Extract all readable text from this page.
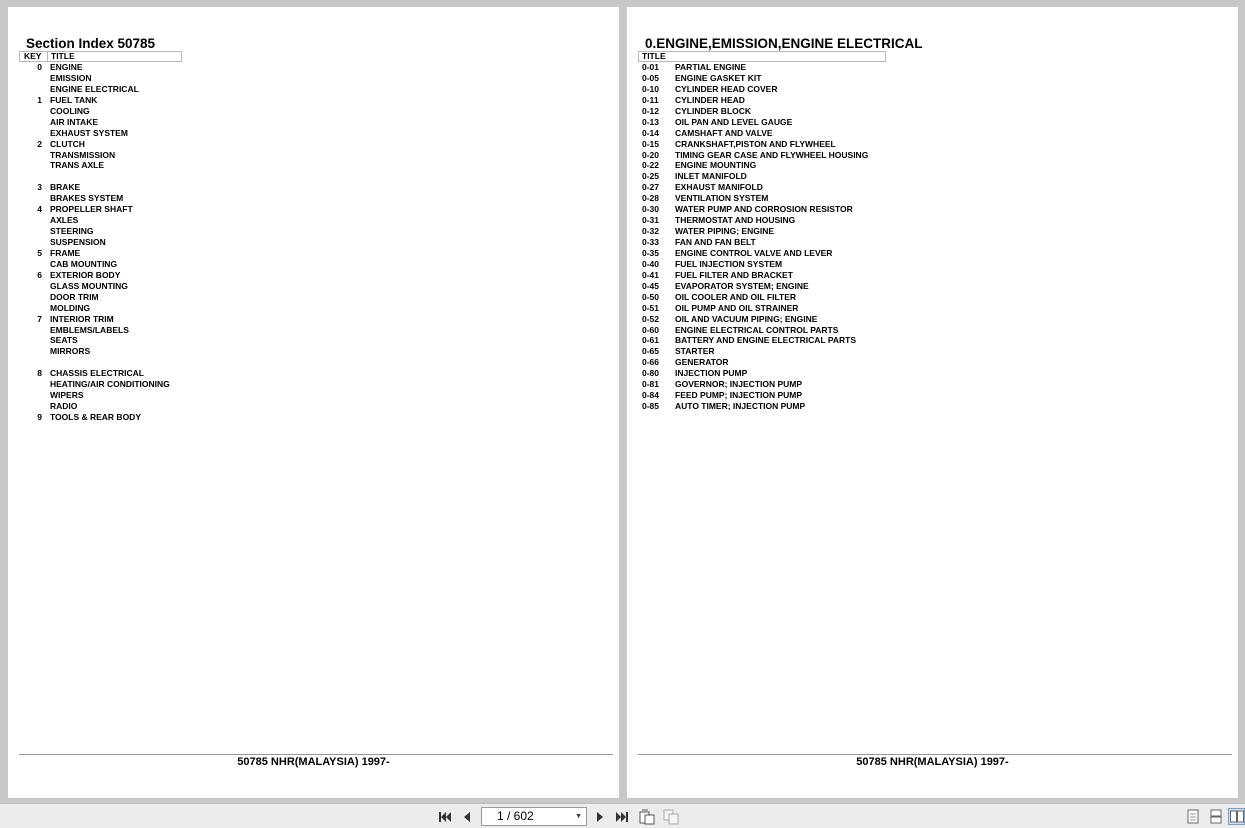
Section Index 50785
KEY TITLE
0 ENGINE
EMISSION
ENGINE ELECTRICAL
1 FUEL TANK
COOLING
AIR INTAKE
EXHAUST SYSTEM
2 CLUTCH
TRANSMISSION
TRANS AXLE
3 BRAKE
BRAKES SYSTEM
4 PROPELLER SHAFT
AXLES
STEERING
SUSPENSION
5 FRAME
CAB MOUNTING
6 EXTERIOR BODY
GLASS MOUNTING
DOOR TRIM
MOLDING
7 INTERIOR TRIM
EMBLEMS/LABELS
SEATS
MIRRORS
8 CHASSIS ELECTRICAL
HEATING/AIR CONDITIONING
WIPERS
RADIO
9 TOOLS & REAR BODY
50785 NHR(MALAYSIA) 1997-
0.ENGINE,EMISSION,ENGINE ELECTRICAL
TITLE
0-01 PARTIAL ENGINE
0-05 ENGINE GASKET KIT
0-10 CYLINDER HEAD COVER
0-11 CYLINDER HEAD
0-12 CYLINDER BLOCK
0-13 OIL PAN AND LEVEL GAUGE
0-14 CAMSHAFT AND VALVE
0-15 CRANKSHAFT,PISTON AND FLYWHEEL
0-20 TIMING GEAR CASE AND FLYWHEEL HOUSING
0-22 ENGINE MOUNTING
0-25 INLET MANIFOLD
0-27 EXHAUST MANIFOLD
0-28 VENTILATION SYSTEM
0-30 WATER PUMP AND CORROSION RESISTOR
0-31 THERMOSTAT AND HOUSING
0-32 WATER PIPING; ENGINE
0-33 FAN AND FAN BELT
0-35 ENGINE CONTROL VALVE AND LEVER
0-40 FUEL INJECTION SYSTEM
0-41 FUEL FILTER AND BRACKET
0-45 EVAPORATOR SYSTEM; ENGINE
0-50 OIL COOLER AND OIL FILTER
0-51 OIL PUMP AND OIL STRAINER
0-52 OIL AND VACUUM PIPING; ENGINE
0-60 ENGINE ELECTRICAL CONTROL PARTS
0-61 BATTERY AND ENGINE ELECTRICAL PARTS
0-65 STARTER
0-66 GENERATOR
0-80 INJECTION PUMP
0-81 GOVERNOR; INJECTION PUMP
0-84 FEED PUMP; INJECTION PUMP
0-85 AUTO TIMER; INJECTION PUMP
50785 NHR(MALAYSIA) 1997-
1 / 602	▼
